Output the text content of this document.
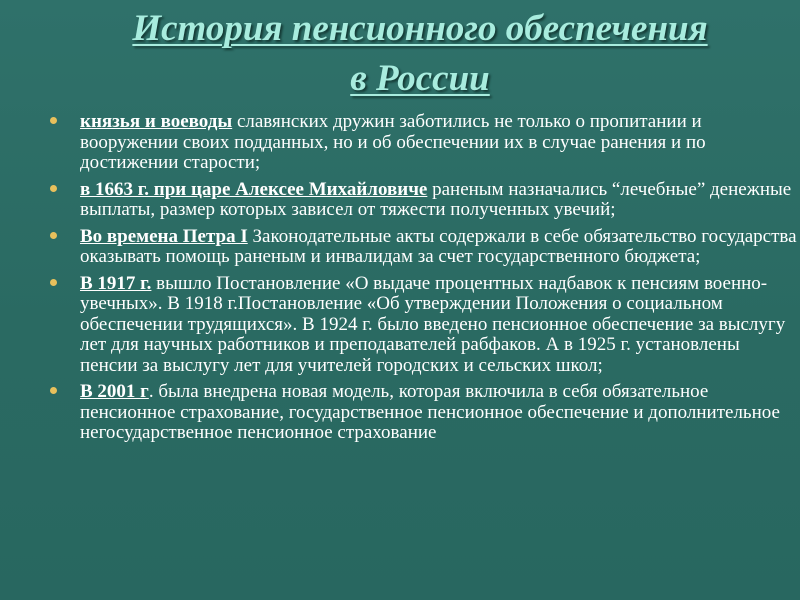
История пенсионного обеспечения
в России
князья и воеводы славянских дружин заботились не только о пропитании и вооружении своих подданных, но и об обеспечении их в случае ранения и по достижении старости;
в 1663 г. при царе Алексее Михайловиче раненым назначались “лечебные” денежные выплаты, размер которых зависел от тяжести полученных увечий;
Во времена Петра I Законодательные акты содержали в себе обязательство государства оказывать помощь раненым и инвалидам за счет государственного бюджета;
В 1917 г. вышло Постановление «О выдаче процентных надбавок к пенсиям военно-увечных». В 1918 г.Постановление «Об утверждении Положения о социальном обеспечении трудящихся». В 1924 г. было введено пенсионное обеспечение за выслугу лет для научных работников и преподавателей рабфаков. А в 1925 г. установлены пенсии за выслугу лет для учителей городских и сельских школ;
В 2001 г. была внедрена новая модель, которая включила в себя обязательное пенсионное страхование, государственное пенсионное обеспечение и дополнительное негосударственное пенсионное страхование
